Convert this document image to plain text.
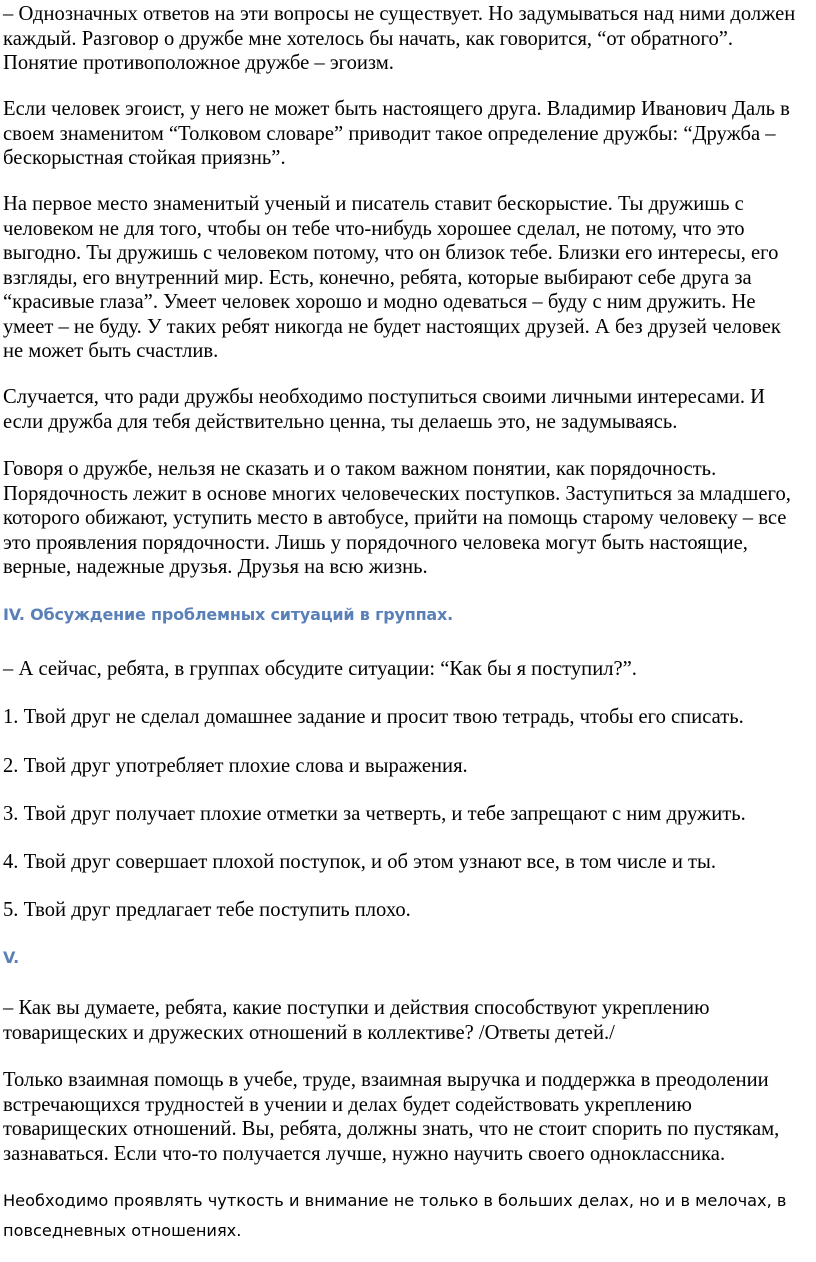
– Однозначных ответов на эти вопросы не существует. Но задумываться над ними должен
каждый. Разговор о дружбе мне хотелось бы начать, как говорится, “от обратного”.
Понятие противоположное дружбе – эгоизм.
Если человек эгоист, у него не может быть настоящего друга. Владимир Иванович Даль в
своем знаменитом “Толковом словаре” приводит такое определение дружбы: “Дружба –
бескорыстная стойкая приязнь”.
На первое место знаменитый ученый и писатель ставит бескорыстие. Ты дружишь с
человеком не для того, чтобы он тебе что-нибудь хорошее сделал, не потому, что это
выгодно. Ты дружишь с человеком потому, что он близок тебе. Близки его интересы, его
взгляды, его внутренний мир. Есть, конечно, ребята, которые выбирают себе друга за
“красивые глаза”. Умеет человек хорошо и модно одеваться – буду с ним дружить. Не
умеет – не буду. У таких ребят никогда не будет настоящих друзей. А без друзей человек
не может быть счастлив.
Случается, что ради дружбы необходимо поступиться своими личными интересами. И
если дружба для тебя действительно ценна, ты делаешь это, не задумываясь.
Говоря о дружбе, нельзя не сказать и о таком важном понятии, как порядочность.
Порядочность лежит в основе многих человеческих поступков. Заступиться за младшего,
которого обижают, уступить место в автобусе, прийти на помощь старому человеку – все
это проявления порядочности. Лишь у порядочного человека могут быть настоящие,
верные, надежные друзья. Друзья на всю жизнь.
IV. Обсуждение проблемных ситуаций в группах.
– А сейчас, ребята, в группах обсудите ситуации: “Как бы я поступил?”.
1. Твой друг не сделал домашнее задание и просит твою тетрадь, чтобы его списать.
2. Твой друг употребляет плохие слова и выражения.
3. Твой друг получает плохие отметки за четверть, и тебе запрещают с ним дружить.
4. Твой друг совершает плохой поступок, и об этом узнают все, в том числе и ты.
5. Твой друг предлагает тебе поступить плохо.
V.
– Как вы думаете, ребята, какие поступки и действия способствуют укреплению
товарищеских и дружеских отношений в коллективе? /Ответы детей./
Только взаимная помощь в учебе, труде, взаимная выручка и поддержка в преодолении
встречающихся трудностей в учении и делах будет содействовать укреплению
товарищеских отношений. Вы, ребята, должны знать, что не стоит спорить по пустякам,
зазнаваться. Если что-то получается лучше, нужно научить своего одноклассника.
Необходимо проявлять чуткость и внимание не только в больших делах, но и в мелочах, в
повседневных отношениях.
